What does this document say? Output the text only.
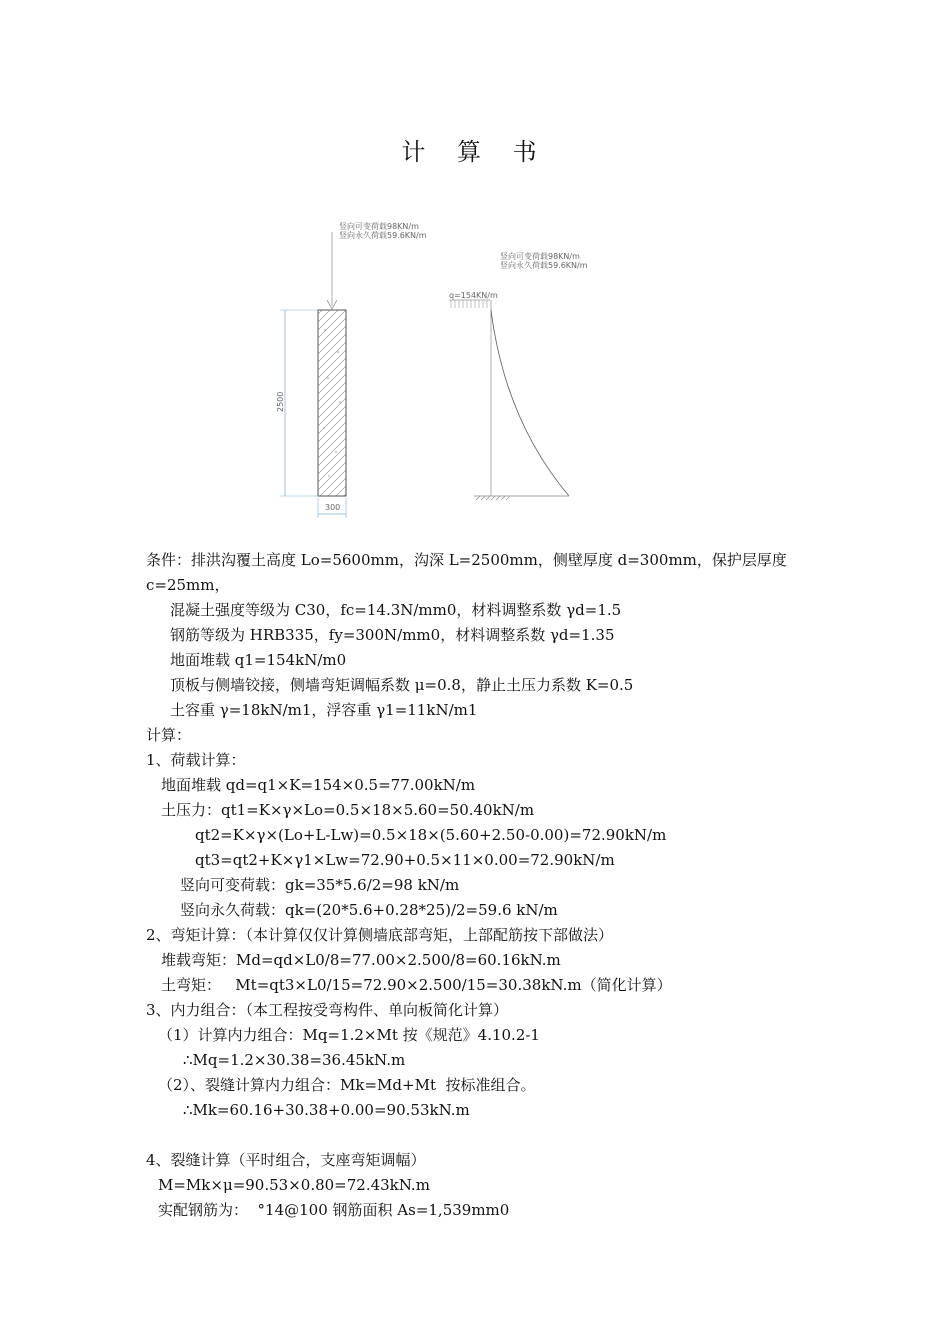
计 算 书
竖向可变荷载98KN/m
竖向永久荷载59.6KN/m
2500
300
竖向可变荷载98KN/m
竖向永久荷载59.6KN/m
q=154KN/m
条件：排洪沟覆土高度 Lo=5600mm，沟深 L=2500mm，侧壁厚度 d=300mm，保护层厚度
c=25mm，
混凝土强度等级为 C30，fc=14.3N/mm0，材料调整系数 γd=1.5
钢筋等级为 HRB335，fy=300N/mm0，材料调整系数 γd=1.35
地面堆载 q1=154kN/m0
顶板与侧墙铰接，侧墙弯矩调幅系数 μ=0.8，静止土压力系数 K=0.5
土容重 γ=18kN/m1，浮容重 γ1=11kN/m1
计算：
1、荷载计算：
地面堆载 qd=q1×K=154×0.5=77.00kN/m
土压力：qt1=K×γ×Lo=0.5×18×5.60=50.40kN/m
qt2=K×γ×(Lo+L-Lw)=0.5×18×(5.60+2.50-0.00)=72.90kN/m
qt3=qt2+K×γ1×Lw=72.90+0.5×11×0.00=72.90kN/m
竖向可变荷载：gk=35*5.6/2=98 kN/m
竖向永久荷载：qk=(20*5.6+0.28*25)/2=59.6 kN/m
2、弯矩计算：（本计算仅仅计算侧墙底部弯矩，上部配筋按下部做法）
堆载弯矩：Md=qd×L0/8=77.00×2.500/8=60.16kN.m
土弯矩：   Mt=qt3×L0/15=72.90×2.500/15=30.38kN.m（简化计算）
3、内力组合：（本工程按受弯构件、单向板简化计算）
（1）计算内力组合：Mq=1.2×Mt 按《规范》4.10.2-1
∴Mq=1.2×30.38=36.45kN.m
（2）、裂缝计算内力组合：Mk=Md+Mt  按标准组合。
∴Mk=60.16+30.38+0.00=90.53kN.m
4、裂缝计算（平时组合，支座弯矩调幅）
M=Mk×μ=90.53×0.80=72.43kN.m
实配钢筋为：  °14@100 钢筋面积 As=1,539mm0
